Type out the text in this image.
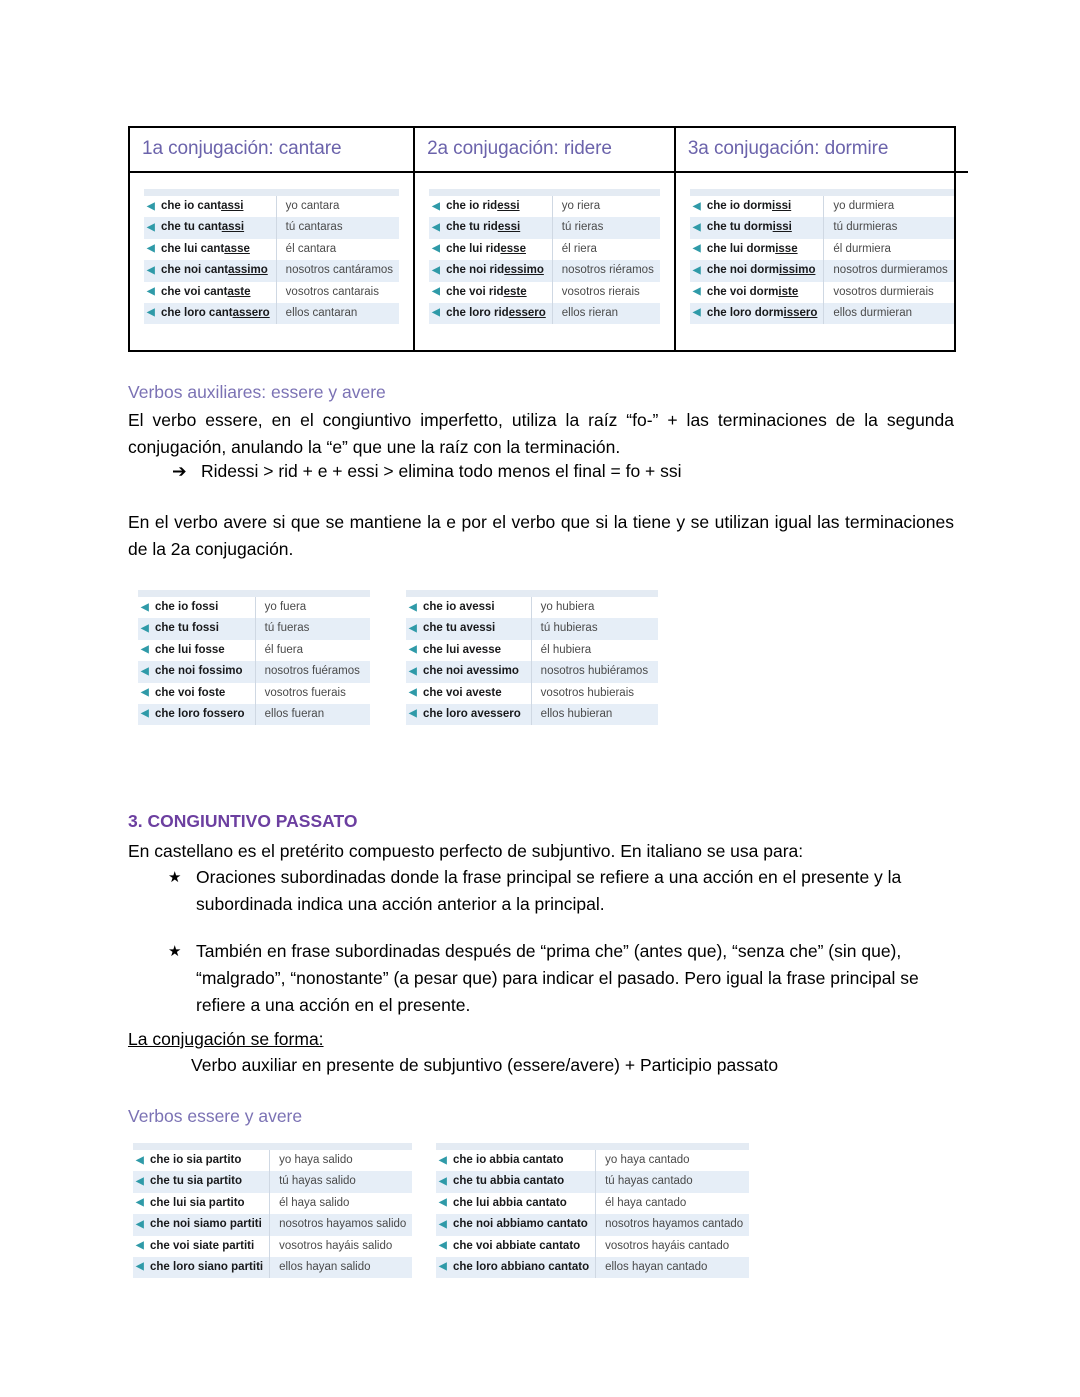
1a conjugación: cantare
◀ che io cantassi	yo cantara
◀ che tu cantassi	tú cantaras
◀ che lui cantasse	él cantara
◀ che noi cantassimo	nosotros cantáramos
◀ che voi cantaste	vosotros cantarais
◀ che loro cantassero	ellos cantaran
2a conjugación: ridere
◀ che io ridessi	yo riera
◀ che tu ridessi	tú rieras
◀ che lui ridesse	él riera
◀ che noi ridessimo	nosotros riéramos
◀ che voi rideste	vosotros rierais
◀ che loro ridessero	ellos rieran
3a conjugación: dormire
◀ che io dormissi	yo durmiera
◀ che tu dormissi	tú durmieras
◀ che lui dormisse	él durmiera
◀ che noi dormissimo	nosotros durmieramos
◀ che voi dormiste	vosotros durmierais
◀ che loro dormissero	ellos durmieran
Verbos auxiliares: essere y avere
El verbo essere, en el congiuntivo imperfetto, utiliza la raíz “fo-” + las terminaciones de la segunda conjugación, anulando la “e” que une la raíz con la terminación.
➔ Ridessi > rid + e + essi > elimina todo menos el final = fo + ssi
En el verbo avere si que se mantiene la e por el verbo que si la tiene y se utilizan igual las terminaciones de la 2a conjugación.
◀ che io fossi	yo fuera
◀ che tu fossi	tú fueras
◀ che lui fosse	él fuera
◀ che noi fossimo	nosotros fuéramos
◀ che voi foste	vosotros fuerais
◀ che loro fossero	ellos fueran
◀ che io avessi	yo hubiera
◀ che tu avessi	tú hubieras
◀ che lui avesse	él hubiera
◀ che noi avessimo	nosotros hubiéramos
◀ che voi aveste	vosotros hubierais
◀ che loro avessero	ellos hubieran
3. CONGIUNTIVO PASSATO
En castellano es el pretérito compuesto perfecto de subjuntivo. En italiano se usa para:
★ Oraciones subordinadas donde la frase principal se refiere a una acción en el presente y la subordinada indica una acción anterior a la principal.
★ También en frase subordinadas después de “prima che” (antes que), “senza che” (sin que), “malgrado”, “nonostante” (a pesar que) para indicar el pasado. Pero igual la frase principal se refiere a una acción en el presente.
La conjugación se forma:
Verbo auxiliar en presente de subjuntivo (essere/avere) + Participio passato
Verbos essere y avere
◀ che io sia partito	yo haya salido
◀ che tu sia partito	tú hayas salido
◀ che lui sia partito	él haya salido
◀ che noi siamo partiti	nosotros hayamos salido
◀ che voi siate partiti	vosotros hayáis salido
◀ che loro siano partiti	ellos hayan salido
◀ che io abbia cantato	yo haya cantado
◀ che tu abbia cantato	tú hayas cantado
◀ che lui abbia cantato	él haya cantado
◀ che noi abbiamo cantato	nosotros hayamos cantado
◀ che voi abbiate cantato	vosotros hayáis cantado
◀ che loro abbiano cantato	ellos hayan cantado
